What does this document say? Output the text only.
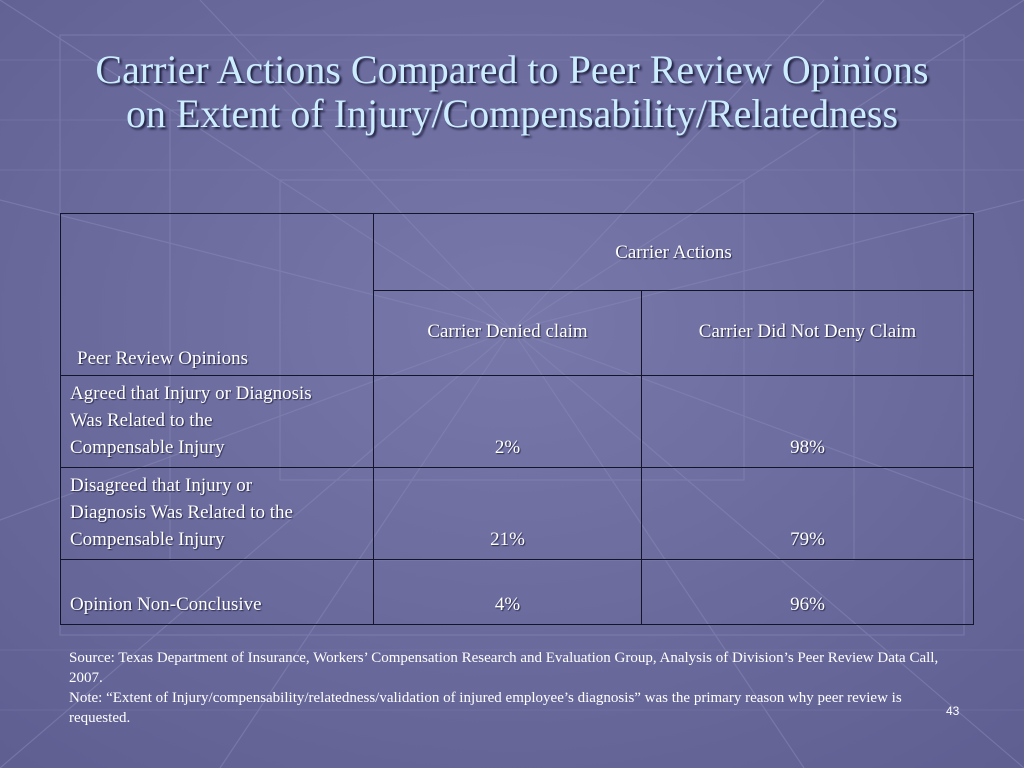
Carrier Actions Compared to Peer Review Opinions
on Extent of Injury/Compensability/Relatedness
Peer Review Opinions	Carrier Actions	
	Carrier Denied claim	Carrier Did Not Deny Claim
Agreed that Injury or Diagnosis
Was Related to the
Compensable Injury	2%	98%
Disagreed that Injury or
Diagnosis Was Related to the
Compensable Injury	21%	79%
Opinion Non-Conclusive	4%	96%

Source: Texas Department of Insurance, Workers’ Compensation Research and Evaluation Group, Analysis of Division’s Peer Review Data Call, 2007.

Note: “Extent of Injury/compensability/relatedness/validation of injured employee’s diagnosis” was the primary reason why peer review is requested.	43
